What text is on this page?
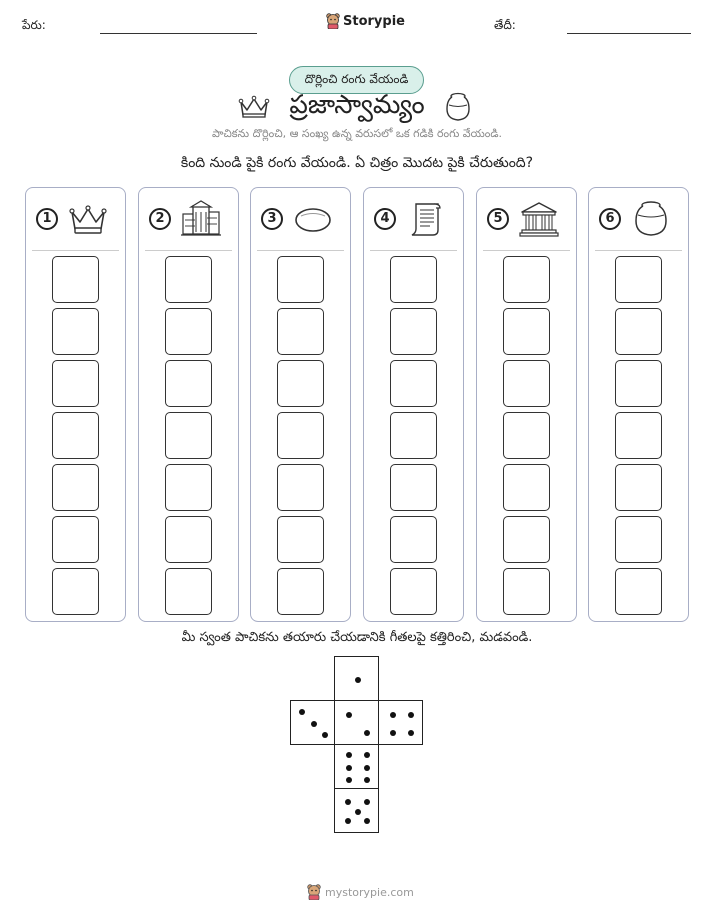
పేరు:	Storypie	తేదీ:
దొర్లించి రంగు వేయండి
ప్రజాస్వామ్యం
పాచికను దొర్లించి, ఆ సంఖ్య ఉన్న వరుసలో ఒక గడికి రంగు వేయండి.
కింది నుండి పైకి రంగు వేయండి. ఏ చిత్రం మొదట పైకి చేరుతుంది?
1	2	3	4	5	6
మీ స్వంత పాచికను తయారు చేయడానికి గీతలపై కత్తిరించి, మడవండి.
mystorypie.com
